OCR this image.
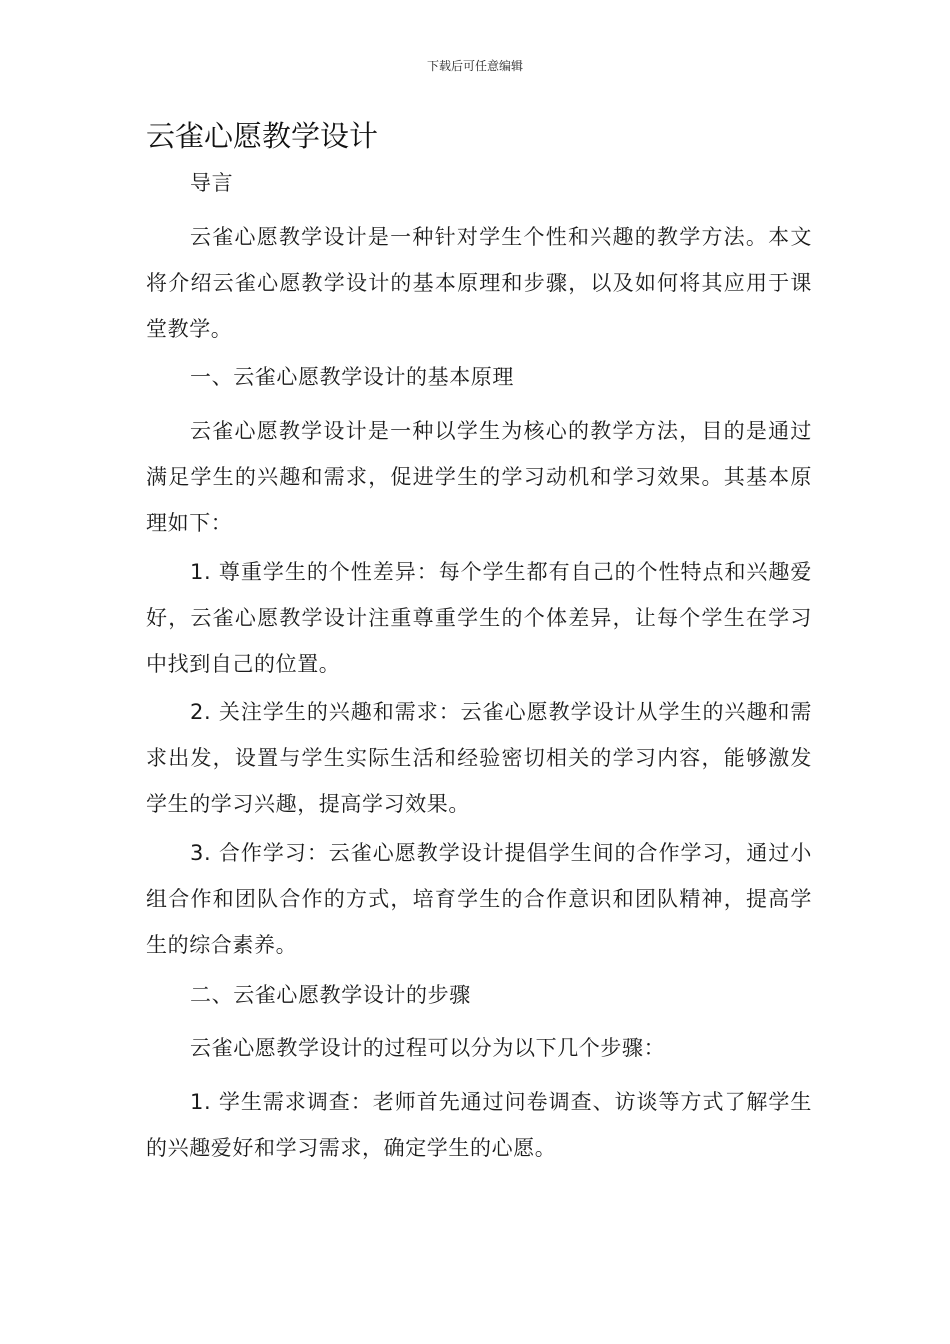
下载后可任意编辑
云雀心愿教学设计

导言

云雀心愿教学设计是一种针对学生个性和兴趣的教学方法。本文将介绍云雀心愿教学设计的基本原理和步骤，以及如何将其应用于课堂教学。

一、云雀心愿教学设计的基本原理

云雀心愿教学设计是一种以学生为核心的教学方法，目的是通过满足学生的兴趣和需求，促进学生的学习动机和学习效果。其基本原理如下：

1. 尊重学生的个性差异：每个学生都有自己的个性特点和兴趣爱好，云雀心愿教学设计注重尊重学生的个体差异，让每个学生在学习中找到自己的位置。

2. 关注学生的兴趣和需求：云雀心愿教学设计从学生的兴趣和需求出发，设置与学生实际生活和经验密切相关的学习内容，能够激发学生的学习兴趣，提高学习效果。

3. 合作学习：云雀心愿教学设计提倡学生间的合作学习，通过小组合作和团队合作的方式，培育学生的合作意识和团队精神，提高学生的综合素养。

二、云雀心愿教学设计的步骤

云雀心愿教学设计的过程可以分为以下几个步骤：

1. 学生需求调查：老师首先通过问卷调查、访谈等方式了解学生的兴趣爱好和学习需求，确定学生的心愿。
